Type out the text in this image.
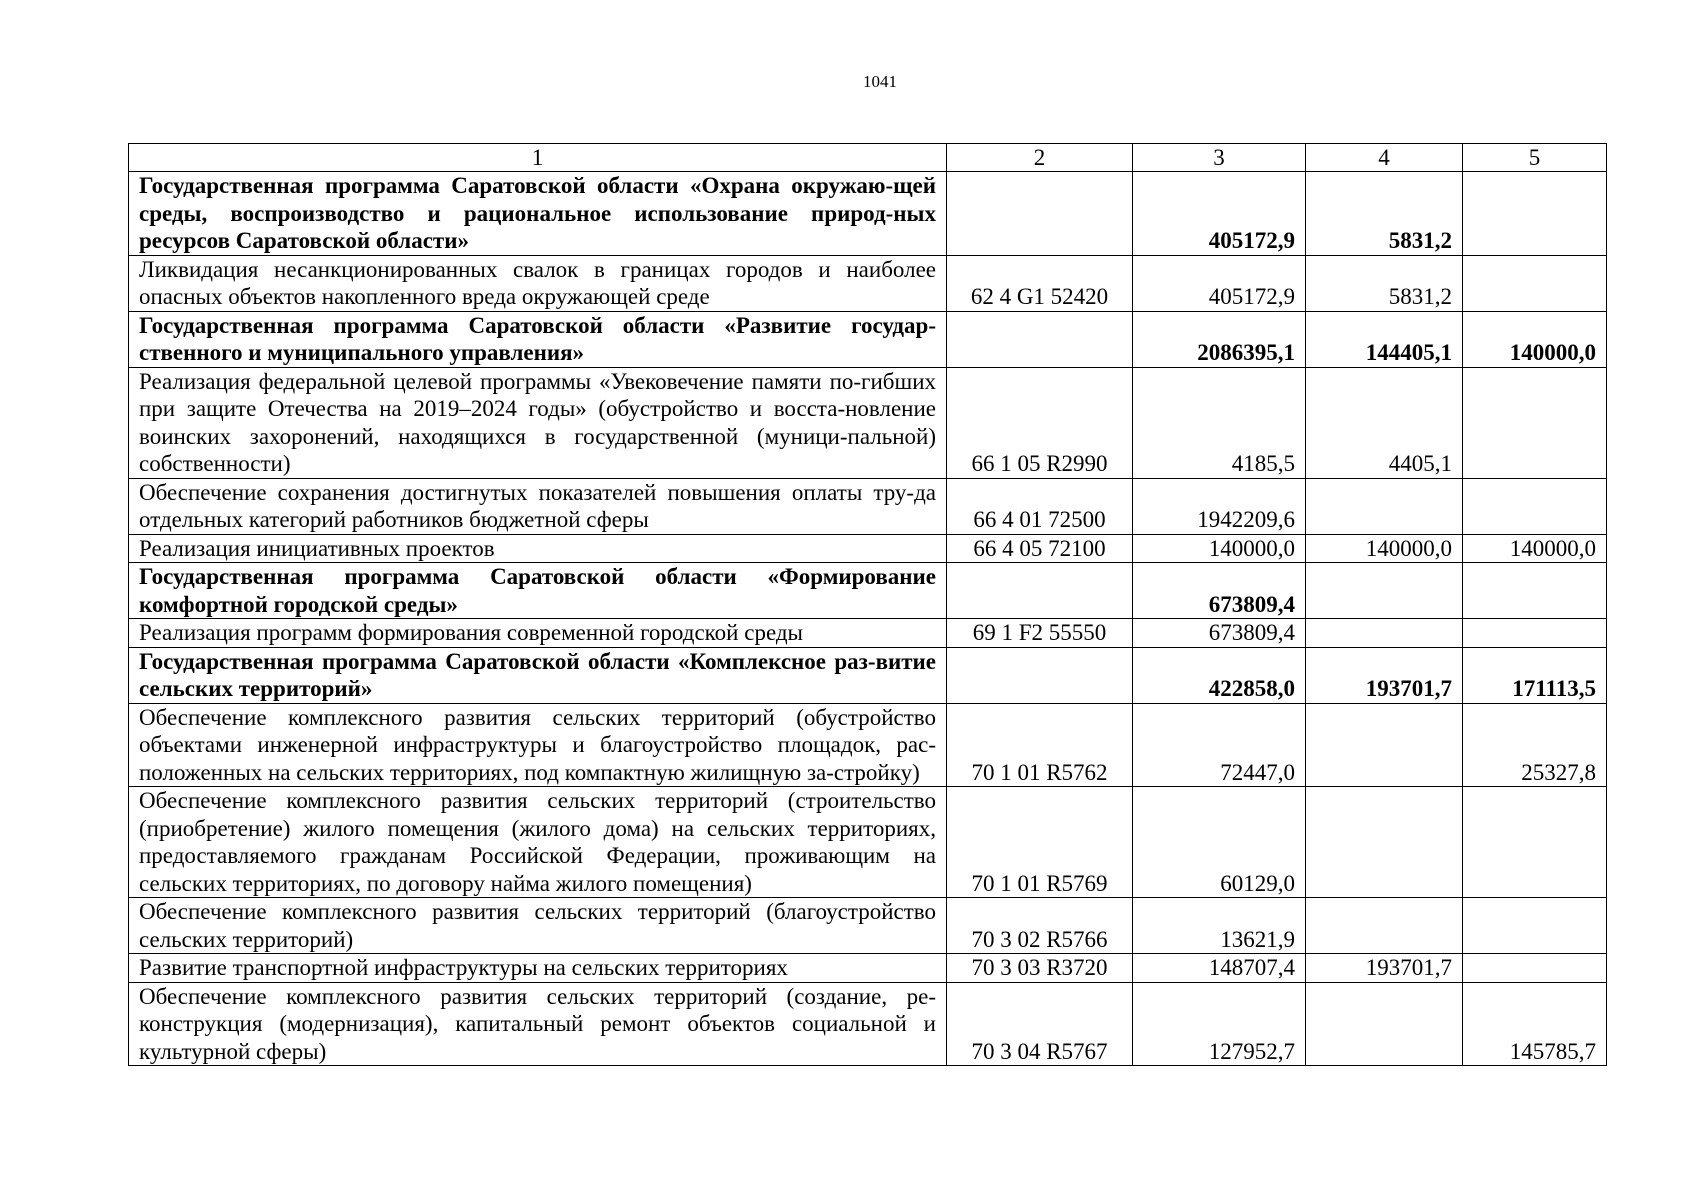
1041
1	2	3	4	5
Государственная программа Саратовской области «Охрана окружаю-щей среды, воспроизводство и рациональное использование природ-ных ресурсов Саратовской области»		405172,9	5831,2	
Ликвидация несанкционированных свалок в границах городов и наиболее опасных объектов накопленного вреда окружающей среде	62 4 G1 52420	405172,9	5831,2	
Государственная программа Саратовской области «Развитие государ-ственного и муниципального управления»		2086395,1	144405,1	140000,0
Реализация федеральной целевой программы «Увековечение памяти по-гибших при защите Отечества на 2019–2024 годы» (обустройство и восста-новление воинских захоронений, находящихся в государственной (муници-пальной) собственности)	66 1 05 R2990	4185,5	4405,1	
Обеспечение сохранения достигнутых показателей повышения оплаты тру-да отдельных категорий работников бюджетной сферы	66 4 01 72500	1942209,6		
Реализация инициативных проектов	66 4 05 72100	140000,0	140000,0	140000,0
Государственная программа Саратовской области «Формирование комфортной городской среды»		673809,4		
Реализация программ формирования современной городской среды	69 1 F2 55550	673809,4		
Государственная программа Саратовской области «Комплексное раз-витие сельских территорий»		422858,0	193701,7	171113,5
Обеспечение комплексного развития сельских территорий (обустройство объектами инженерной инфраструктуры и благоустройство площадок, рас-положенных на сельских территориях, под компактную жилищную за-стройку)	70 1 01 R5762	72447,0		25327,8
Обеспечение комплексного развития сельских территорий (строительство (приобретение) жилого помещения (жилого дома) на сельских территориях, предоставляемого гражданам Российской Федерации, проживающим на сельских территориях, по договору найма жилого помещения)	70 1 01 R5769	60129,0		
Обеспечение комплексного развития сельских территорий (благоустройство сельских территорий)	70 3 02 R5766	13621,9		
Развитие транспортной инфраструктуры на сельских территориях	70 3 03 R3720	148707,4	193701,7	
Обеспечение комплексного развития сельских территорий (создание, ре-конструкция (модернизация), капитальный ремонт объектов социальной и культурной сферы)	70 3 04 R5767	127952,7		145785,7
